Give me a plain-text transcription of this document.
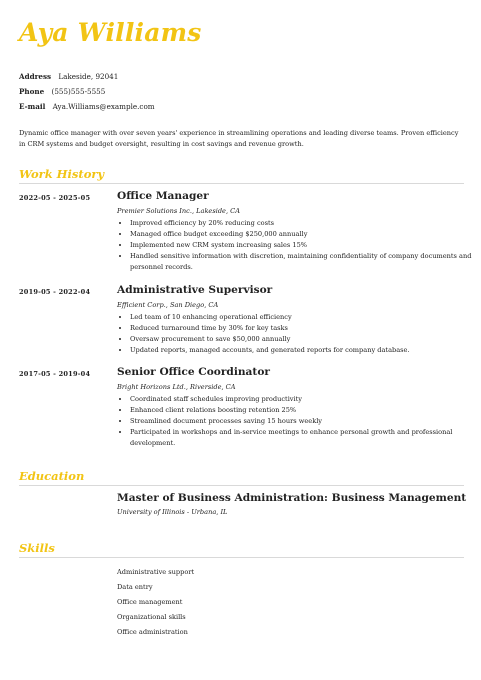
Aya Williams
Address Lakeside, 92041
Phone (555)555-5555
E-mail Aya.Williams@example.com

Dynamic office manager with over seven years' experience in streamlining operations and leading diverse teams. Proven efficiency in CRM systems and budget oversight, resulting in cost savings and revenue growth.

Work History
2022-05 - 2025-05	Office Manager
Premier Solutions Inc., Lakeside, CA
• Improved efficiency by 20% reducing costs
• Managed office budget exceeding $250,000 annually
• Implemented new CRM system increasing sales 15%
• Handled sensitive information with discretion, maintaining confidentiality of company documents and personnel records.
2019-05 - 2022-04	Administrative Supervisor
Efficient Corp., San Diego, CA
• Led team of 10 enhancing operational efficiency
• Reduced turnaround time by 30% for key tasks
• Oversaw procurement to save $50,000 annually
• Updated reports, managed accounts, and generated reports for company database.
2017-05 - 2019-04	Senior Office Coordinator
Bright Horizons Ltd., Riverside, CA
• Coordinated staff schedules improving productivity
• Enhanced client relations boosting retention 25%
• Streamlined document processes saving 15 hours weekly
• Participated in workshops and in-service meetings to enhance personal growth and professional development.
Education
Master of Business Administration: Business Management
University of Illinois - Urbana, IL
Skills
Administrative support
Data entry
Office management
Organizational skills
Office administration
